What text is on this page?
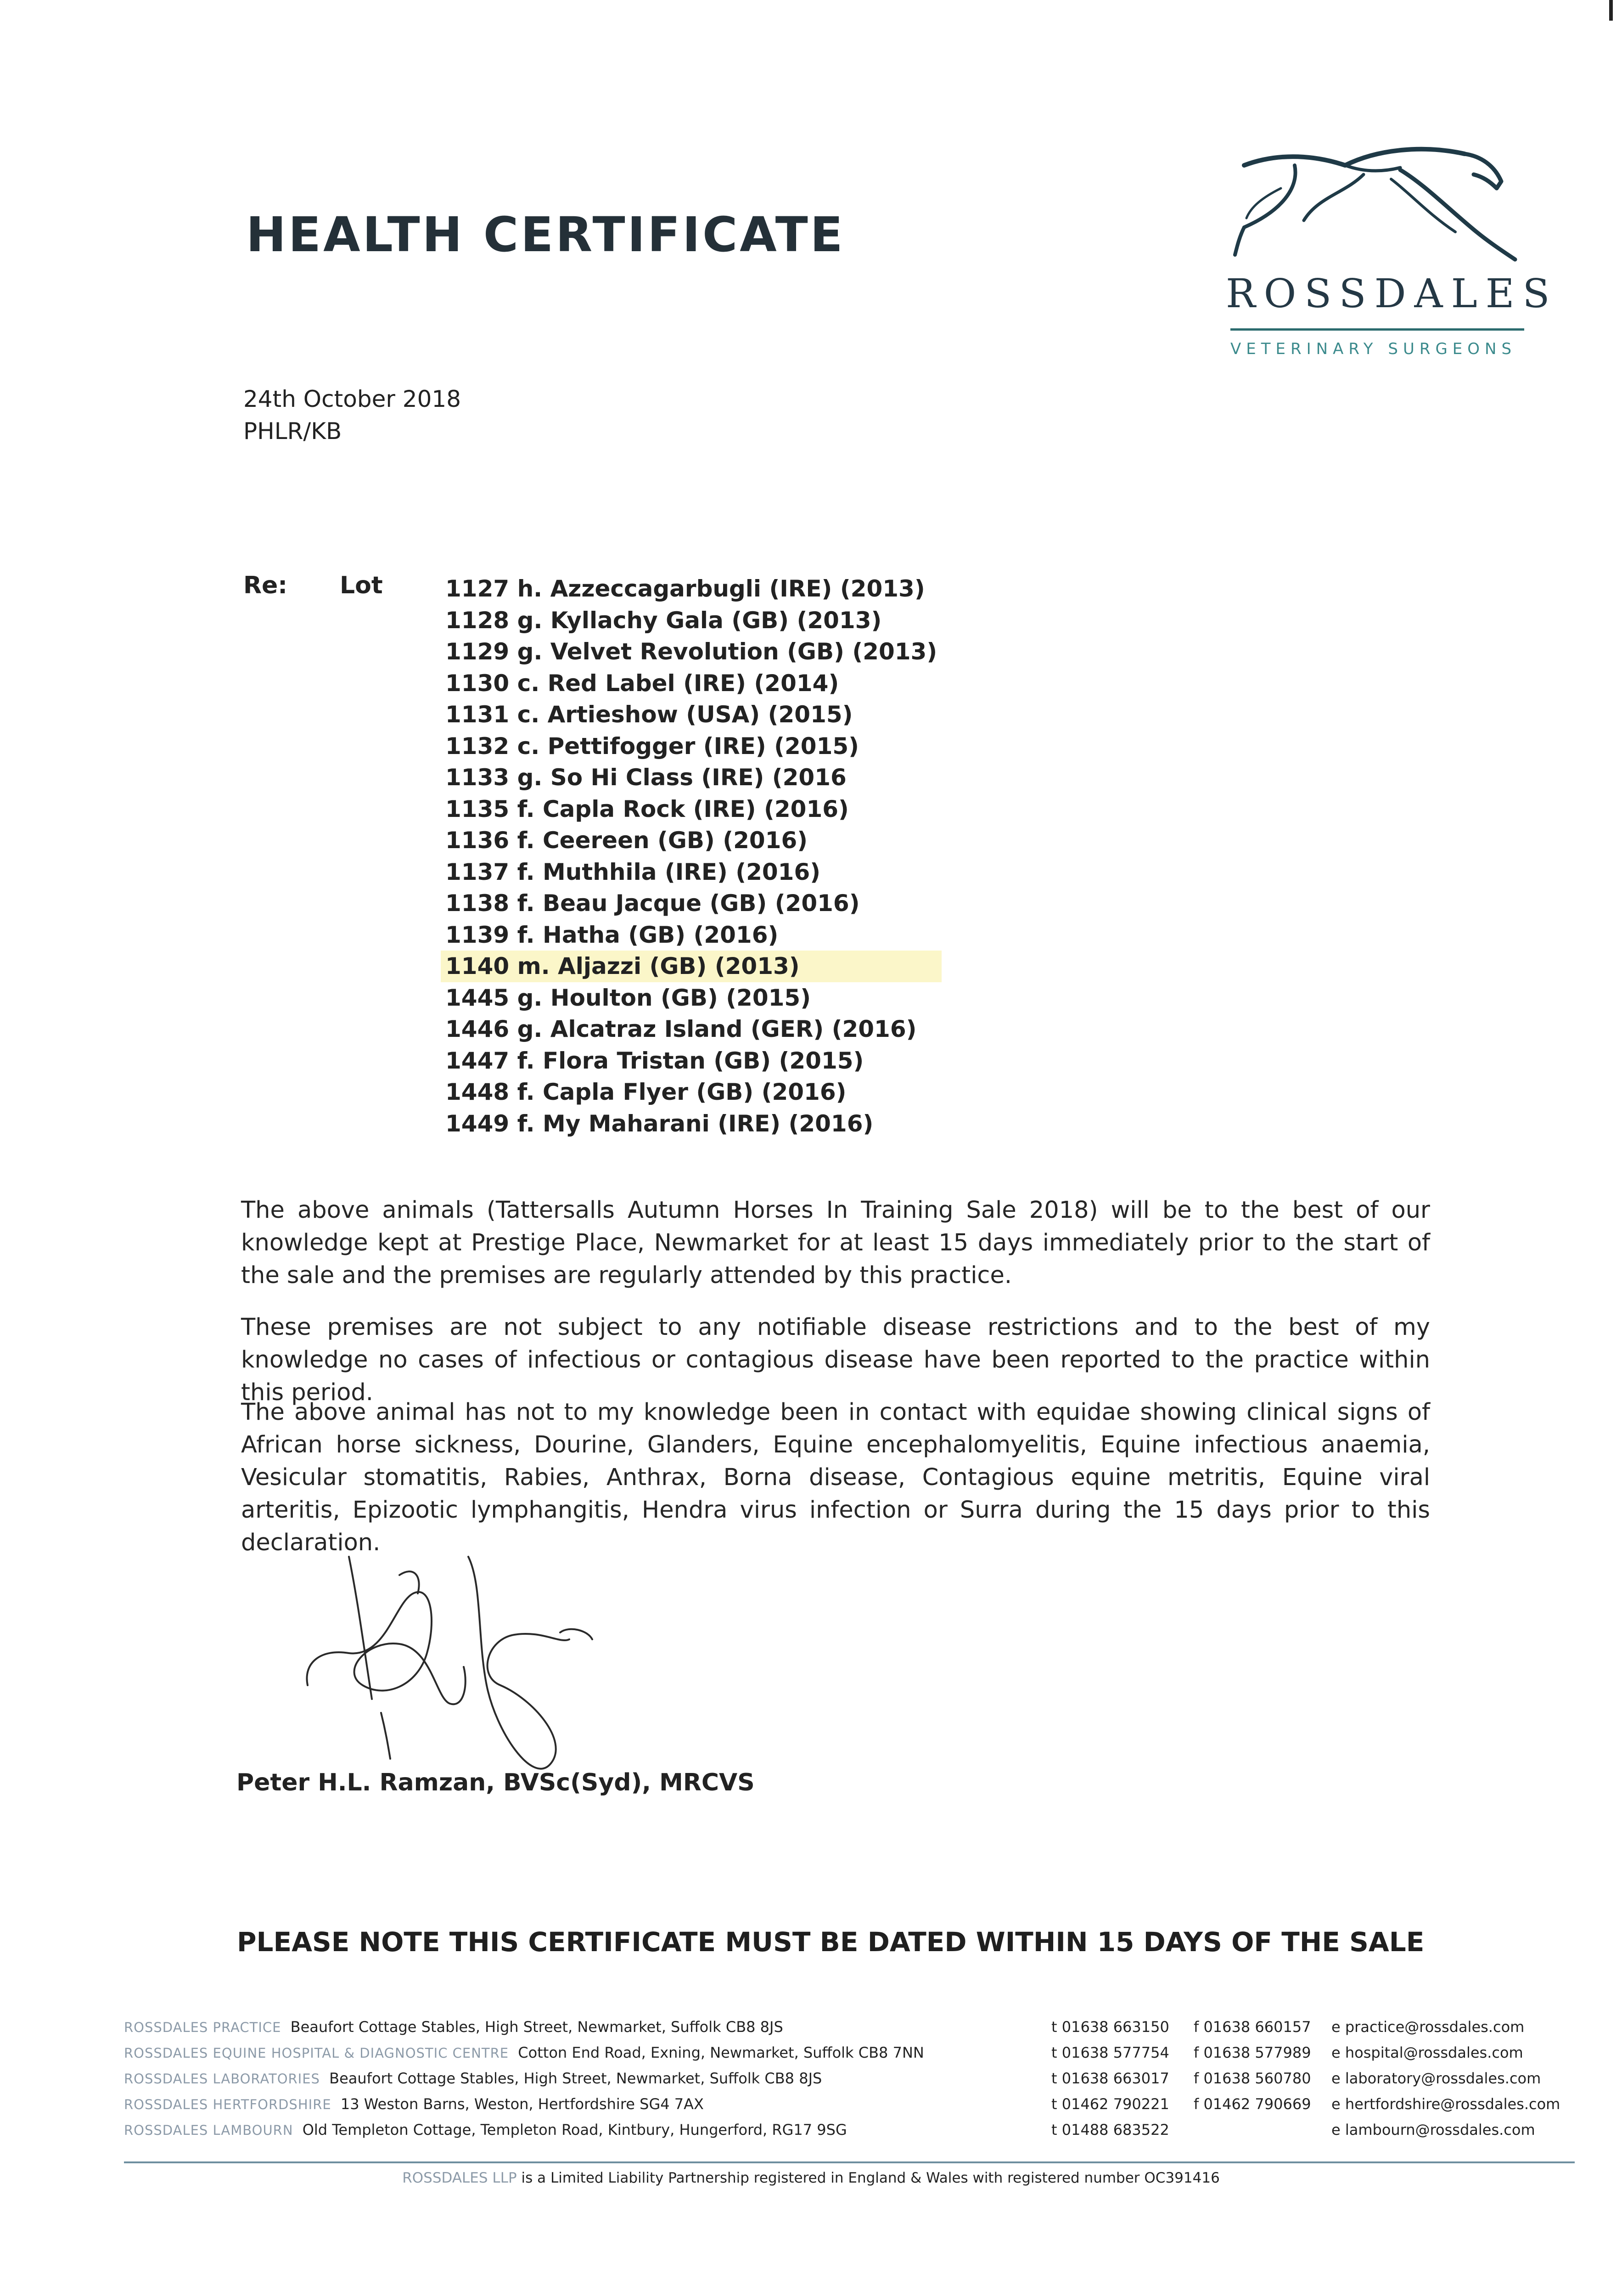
HEALTH CERTIFICATE
ROSSDALES
VETERINARY SURGEONS
24th October 2018
PHLR/KB
Re: Lot	1127 h. Azzeccagarbugli (IRE) (2013)
1128 g. Kyllachy Gala (GB) (2013)
1129 g. Velvet Revolution (GB) (2013)
1130 c. Red Label (IRE) (2014)
1131 c. Artieshow (USA) (2015)
1132 c. Pettifogger (IRE) (2015)
1133 g. So Hi Class (IRE) (2016
1135 f. Capla Rock (IRE) (2016)
1136 f. Ceereen (GB) (2016)
1137 f. Muthhila (IRE) (2016)
1138 f. Beau Jacque (GB) (2016)
1139 f. Hatha (GB) (2016)
1140 m. Aljazzi (GB) (2013)
1445 g. Houlton (GB) (2015)
1446 g. Alcatraz Island (GER) (2016)
1447 f. Flora Tristan (GB) (2015)
1448 f. Capla Flyer (GB) (2016)
1449 f. My Maharani (IRE) (2016)
The above animals (Tattersalls Autumn Horses In Training Sale 2018) will be to the best of our knowledge kept at Prestige Place, Newmarket for at least 15 days immediately prior to the start of the sale and the premises are regularly attended by this practice.
These premises are not subject to any notifiable disease restrictions and to the best of my knowledge no cases of infectious or contagious disease have been reported to the practice within this period.
The above animal has not to my knowledge been in contact with equidae showing clinical signs of African horse sickness, Dourine, Glanders, Equine encephalomyelitis, Equine infectious anaemia, Vesicular stomatitis, Rabies, Anthrax, Borna disease, Contagious equine metritis, Equine viral arteritis, Epizootic lymphangitis, Hendra virus infection or Surra during the 15 days prior to this declaration.
Peter H.L. Ramzan, BVSc(Syd), MRCVS
PLEASE NOTE THIS CERTIFICATE MUST BE DATED WITHIN 15 DAYS OF THE SALE
ROSSDALES PRACTICE Beaufort Cottage Stables, High Street, Newmarket, Suffolk CB8 8JS
ROSSDALES EQUINE HOSPITAL & DIAGNOSTIC CENTRE Cotton End Road, Exning, Newmarket, Suffolk CB8 7NN
ROSSDALES LABORATORIES Beaufort Cottage Stables, High Street, Newmarket, Suffolk CB8 8JS
ROSSDALES HERTFORDSHIRE 13 Weston Barns, Weston, Hertfordshire SG4 7AX
ROSSDALES LAMBOURN Old Templeton Cottage, Templeton Road, Kintbury, Hungerford, RG17 9SG
t 01638 663150
t 01638 577754
t 01638 663017
t 01462 790221
t 01488 683522
f 01638 660157
f 01638 577989
f 01638 560780
f 01462 790669
e practice@rossdales.com
e hospital@rossdales.com
e laboratory@rossdales.com
e hertfordshire@rossdales.com
e lambourn@rossdales.com
ROSSDALES LLP is a Limited Liability Partnership registered in England & Wales with registered number OC391416
